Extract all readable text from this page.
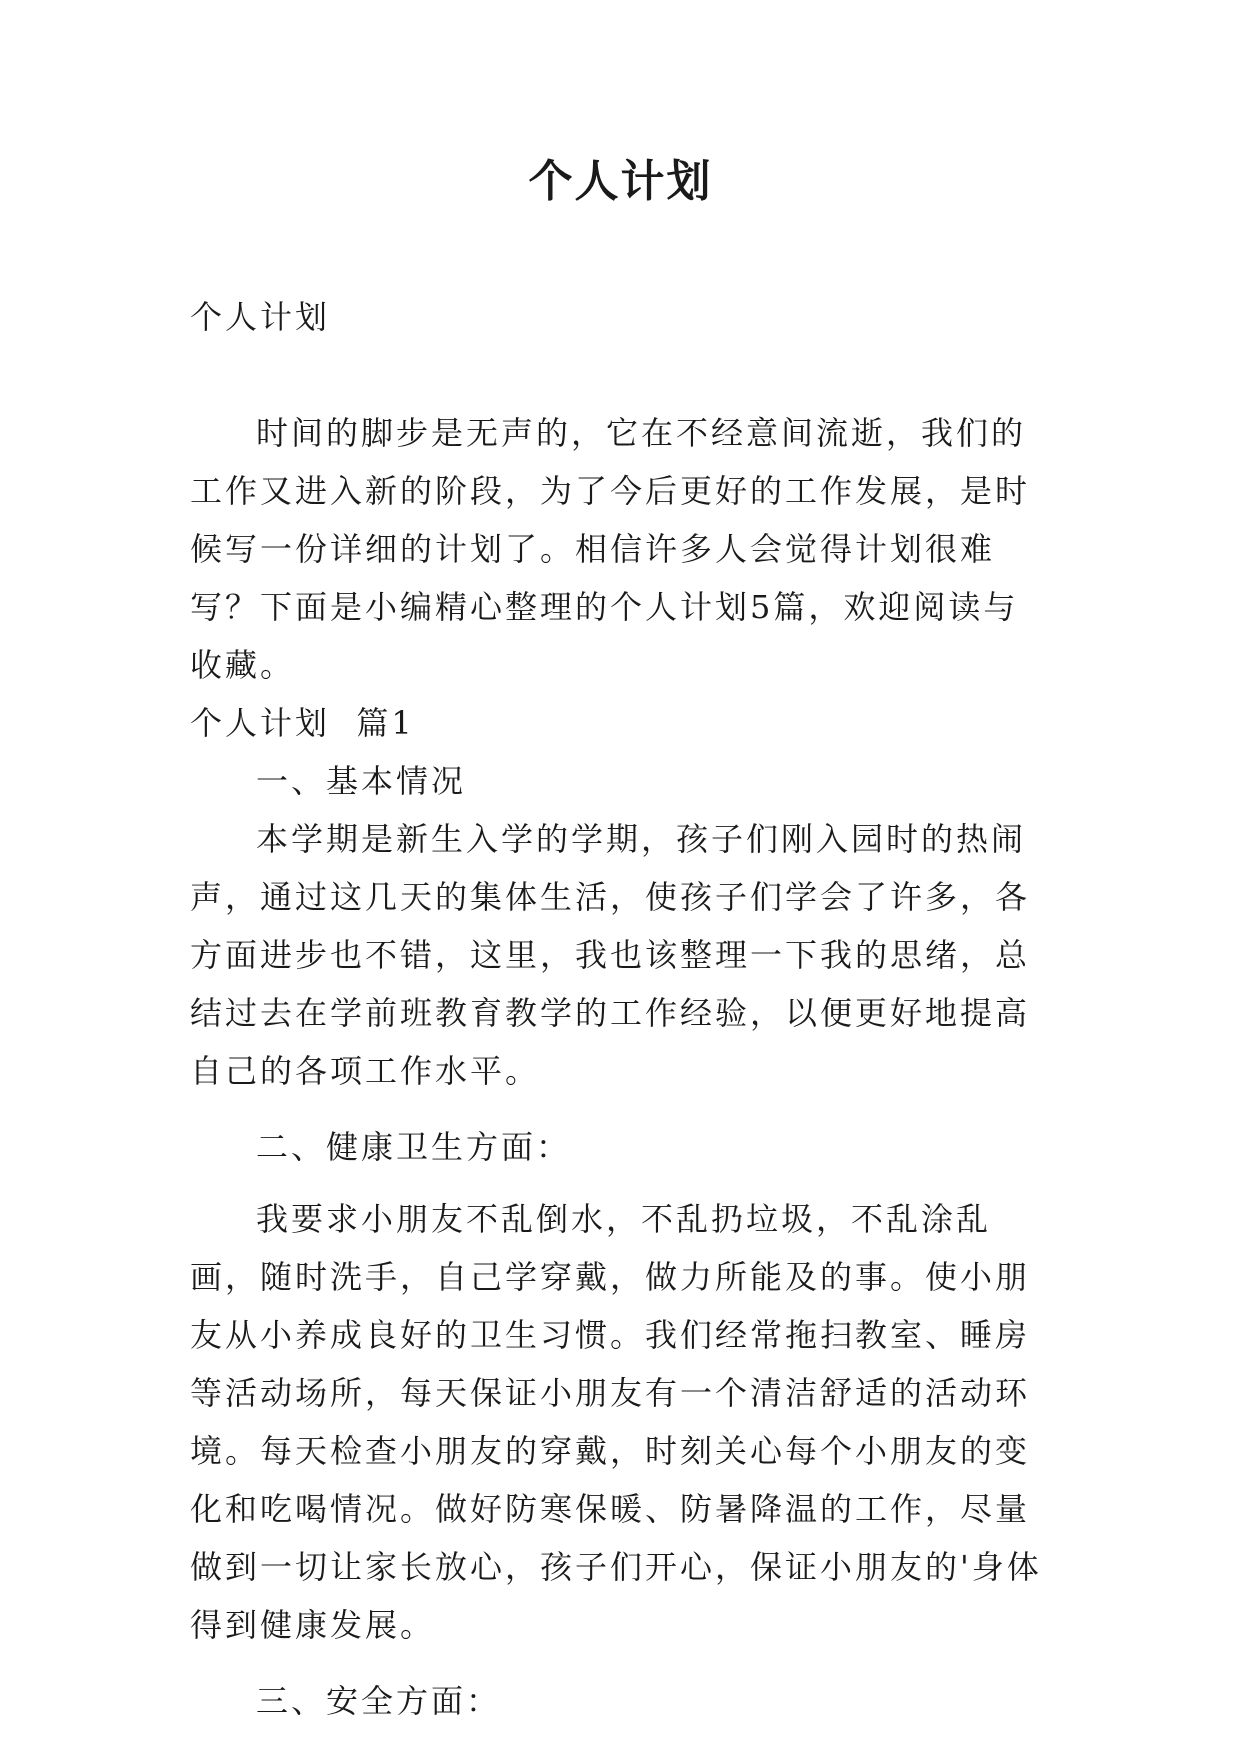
个人计划

个人计划

时间的脚步是无声的，它在不经意间流逝，我们的工作又进入新的阶段，为了今后更好的工作发展，是时候写一份详细的计划了。相信许多人会觉得计划很难写？下面是小编精心整理的个人计划5篇，欢迎阅读与收藏。

个人计划  篇1

一、基本情况

本学期是新生入学的学期，孩子们刚入园时的热闹声，通过这几天的集体生活，使孩子们学会了许多，各方面进步也不错，这里，我也该整理一下我的思绪，总结过去在学前班教育教学的工作经验，以便更好地提高自己的各项工作水平。

二、健康卫生方面：

我要求小朋友不乱倒水，不乱扔垃圾，不乱涂乱画，随时洗手，自己学穿戴，做力所能及的事。使小朋友从小养成良好的卫生习惯。我们经常拖扫教室、睡房等活动场所，每天保证小朋友有一个清洁舒适的活动环境。每天检查小朋友的穿戴，时刻关心每个小朋友的变化和吃喝情况。做好防寒保暖、防暑降温的工作，尽量做到一切让家长放心，孩子们开心，保证小朋友的'身体得到健康发展。

三、安全方面：
